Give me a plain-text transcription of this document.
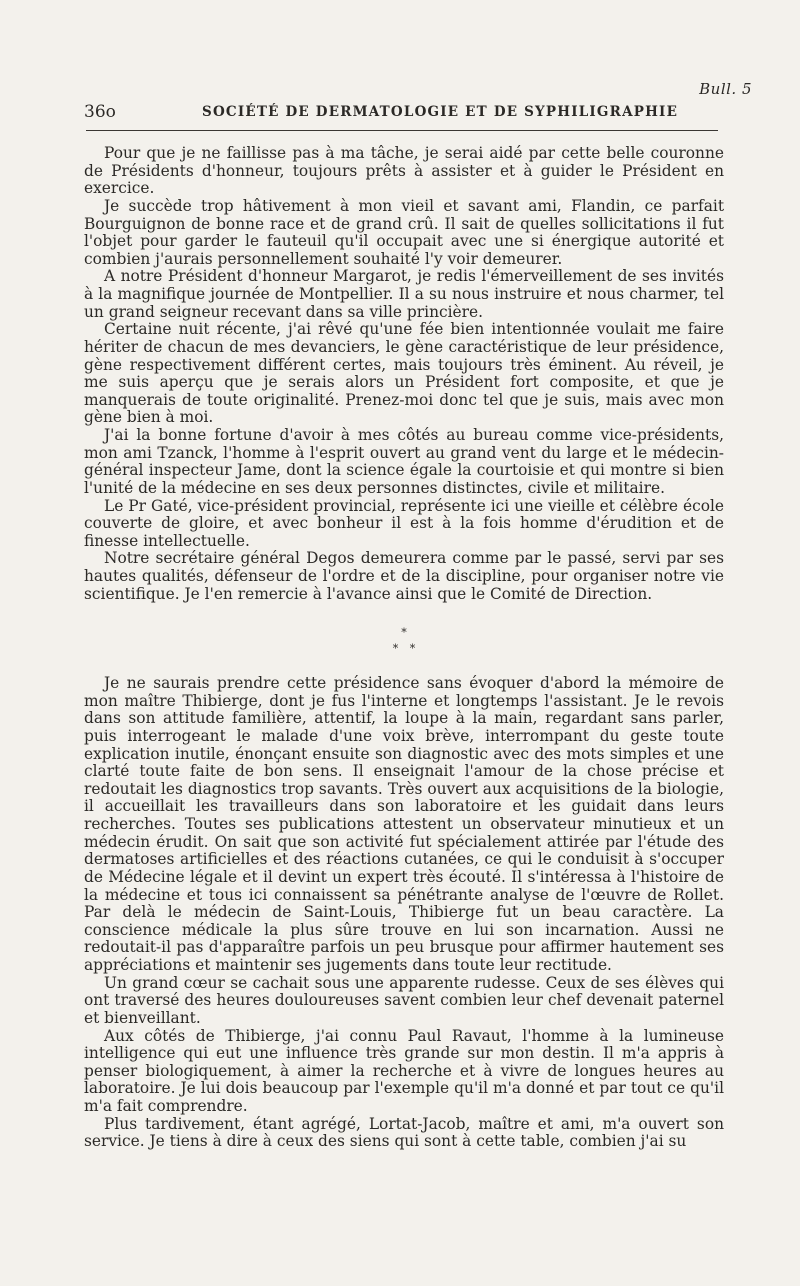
Bull. 5
36o	SOCIÉTÉ DE DERMATOLOGIE ET DE SYPHILIGRAPHIE

Pour que je ne faillisse pas à ma tâche, je serai aidé par cette belle couronne de Présidents d'honneur, toujours prêts à assister et à guider le Président en exercice.

Je succède trop hâtivement à mon vieil et savant ami, Flandin, ce parfait Bourguignon de bonne race et de grand crû. Il sait de quelles sollicitations il fut l'objet pour garder le fauteuil qu'il occupait avec une si énergique autorité et combien j'aurais personnellement souhaité l'y voir demeurer.

A notre Président d'honneur Margarot, je redis l'émerveillement de ses invités à la magnifique journée de Montpellier. Il a su nous instruire et nous charmer, tel un grand seigneur recevant dans sa ville princière.

Certaine nuit récente, j'ai rêvé qu'une fée bien intentionnée voulait me faire hériter de chacun de mes devanciers, le gène caractéristique de leur présidence, gène respectivement différent certes, mais toujours très éminent. Au réveil, je me suis aperçu que je serais alors un Président fort composite, et que je manquerais de toute originalité. Prenez-moi donc tel que je suis, mais avec mon gène bien à moi.

J'ai la bonne fortune d'avoir à mes côtés au bureau comme vice-présidents, mon ami Tzanck, l'homme à l'esprit ouvert au grand vent du large et le médecin-général inspecteur Jame, dont la science égale la courtoisie et qui montre si bien l'unité de la médecine en ses deux personnes distinctes, civile et militaire.

Le Pr Gaté, vice-président provincial, représente ici une vieille et célèbre école couverte de gloire, et avec bonheur il est à la fois homme d'érudition et de finesse intellectuelle.

Notre secrétaire général Degos demeurera comme par le passé, servi par ses hautes qualités, défenseur de l'ordre et de la discipline, pour organiser notre vie scientifique. Je l'en remercie à l'avance ainsi que le Comité de Direction.

*
* *

Je ne saurais prendre cette présidence sans évoquer d'abord la mémoire de mon maître Thibierge, dont je fus l'interne et longtemps l'assistant. Je le revois dans son attitude familière, attentif, la loupe à la main, regardant sans parler, puis interrogeant le malade d'une voix brève, interrompant du geste toute explication inutile, énonçant ensuite son diagnostic avec des mots simples et une clarté toute faite de bon sens. Il enseignait l'amour de la chose précise et redoutait les diagnostics trop savants. Très ouvert aux acquisitions de la biologie, il accueillait les travailleurs dans son laboratoire et les guidait dans leurs recherches. Toutes ses publications attestent un observateur minutieux et un médecin érudit. On sait que son activité fut spécialement attirée par l'étude des dermatoses artificielles et des réactions cutanées, ce qui le conduisit à s'occuper de Médecine légale et il devint un expert très écouté. Il s'intéressa à l'histoire de la médecine et tous ici connaissent sa pénétrante analyse de l'œuvre de Rollet. Par delà le médecin de Saint-Louis, Thibierge fut un beau caractère. La conscience médicale la plus sûre trouve en lui son incarnation. Aussi ne redoutait-il pas d'apparaître parfois un peu brusque pour affirmer hautement ses appréciations et maintenir ses jugements dans toute leur rectitude.

Un grand cœur se cachait sous une apparente rudesse. Ceux de ses élèves qui ont traversé des heures douloureuses savent combien leur chef devenait paternel et bienveillant.

Aux côtés de Thibierge, j'ai connu Paul Ravaut, l'homme à la lumineuse intelligence qui eut une influence très grande sur mon destin. Il m'a appris à penser biologiquement, à aimer la recherche et à vivre de longues heures au laboratoire. Je lui dois beaucoup par l'exemple qu'il m'a donné et par tout ce qu'il m'a fait comprendre.

Plus tardivement, étant agrégé, Lortat-Jacob, maître et ami, m'a ouvert son service. Je tiens à dire à ceux des siens qui sont à cette table, combien j'ai su
